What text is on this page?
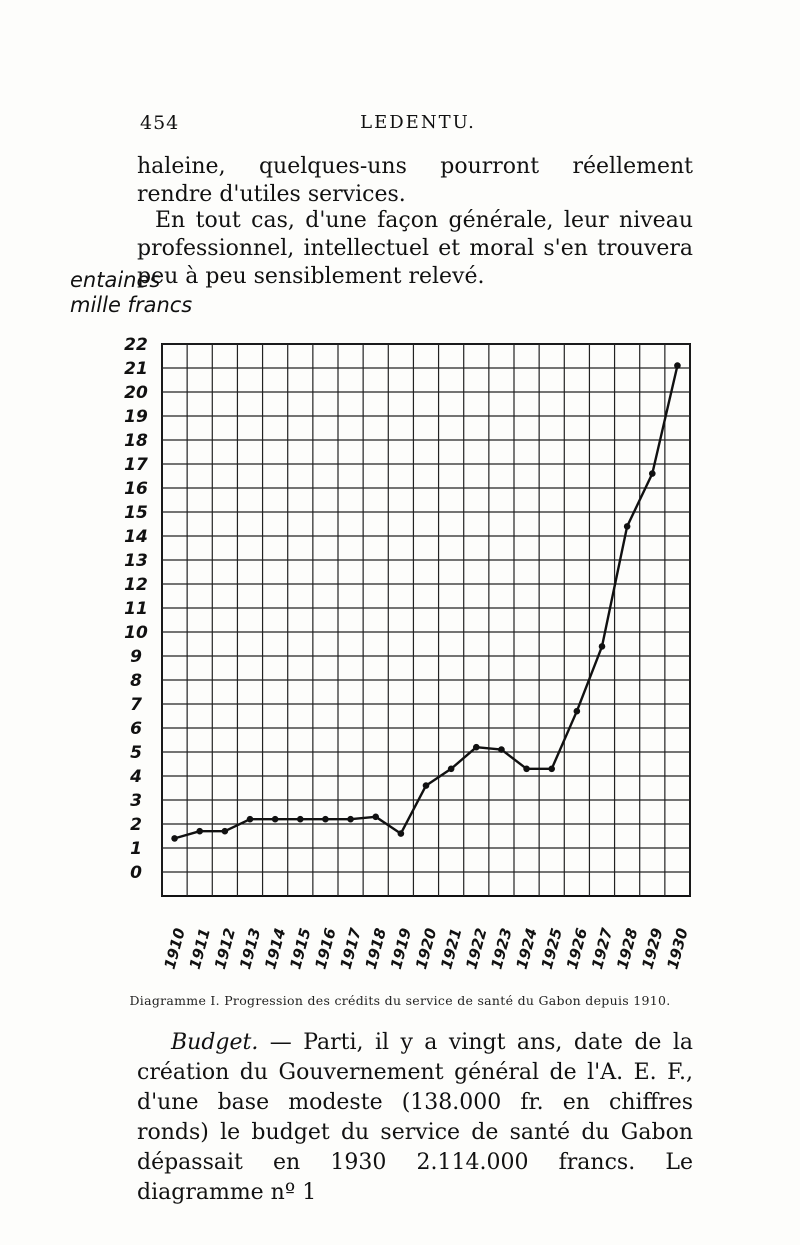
454	LEDENTU.

haleine, quelques-uns pourront réellement rendre d'utiles services.

En tout cas, d'une façon générale, leur niveau professionnel, intellectuel et moral s'en trouvera peu à peu sensiblement relevé.

entaines
mille francs
0
1
2
3
4
5
6
7
8
9
10
11
12
13
14
15
16
17
18
19
20
21
22
1910
1911
1912
1913
1914
1915
1916
1917
1918
1919
1920
1921
1922
1923
1924
1925
1926
1927
1928
1929
1930
Diagramme I. Progression des crédits du service de santé du Gabon depuis 1910.

Budget. — Parti, il y a vingt ans, date de la création du Gouvernement général de l'A. E. F., d'une base modeste (138.000 fr. en chiffres ronds) le budget du service de santé du Gabon dépassait en 1930 2.114.000 francs. Le diagramme nº 1
